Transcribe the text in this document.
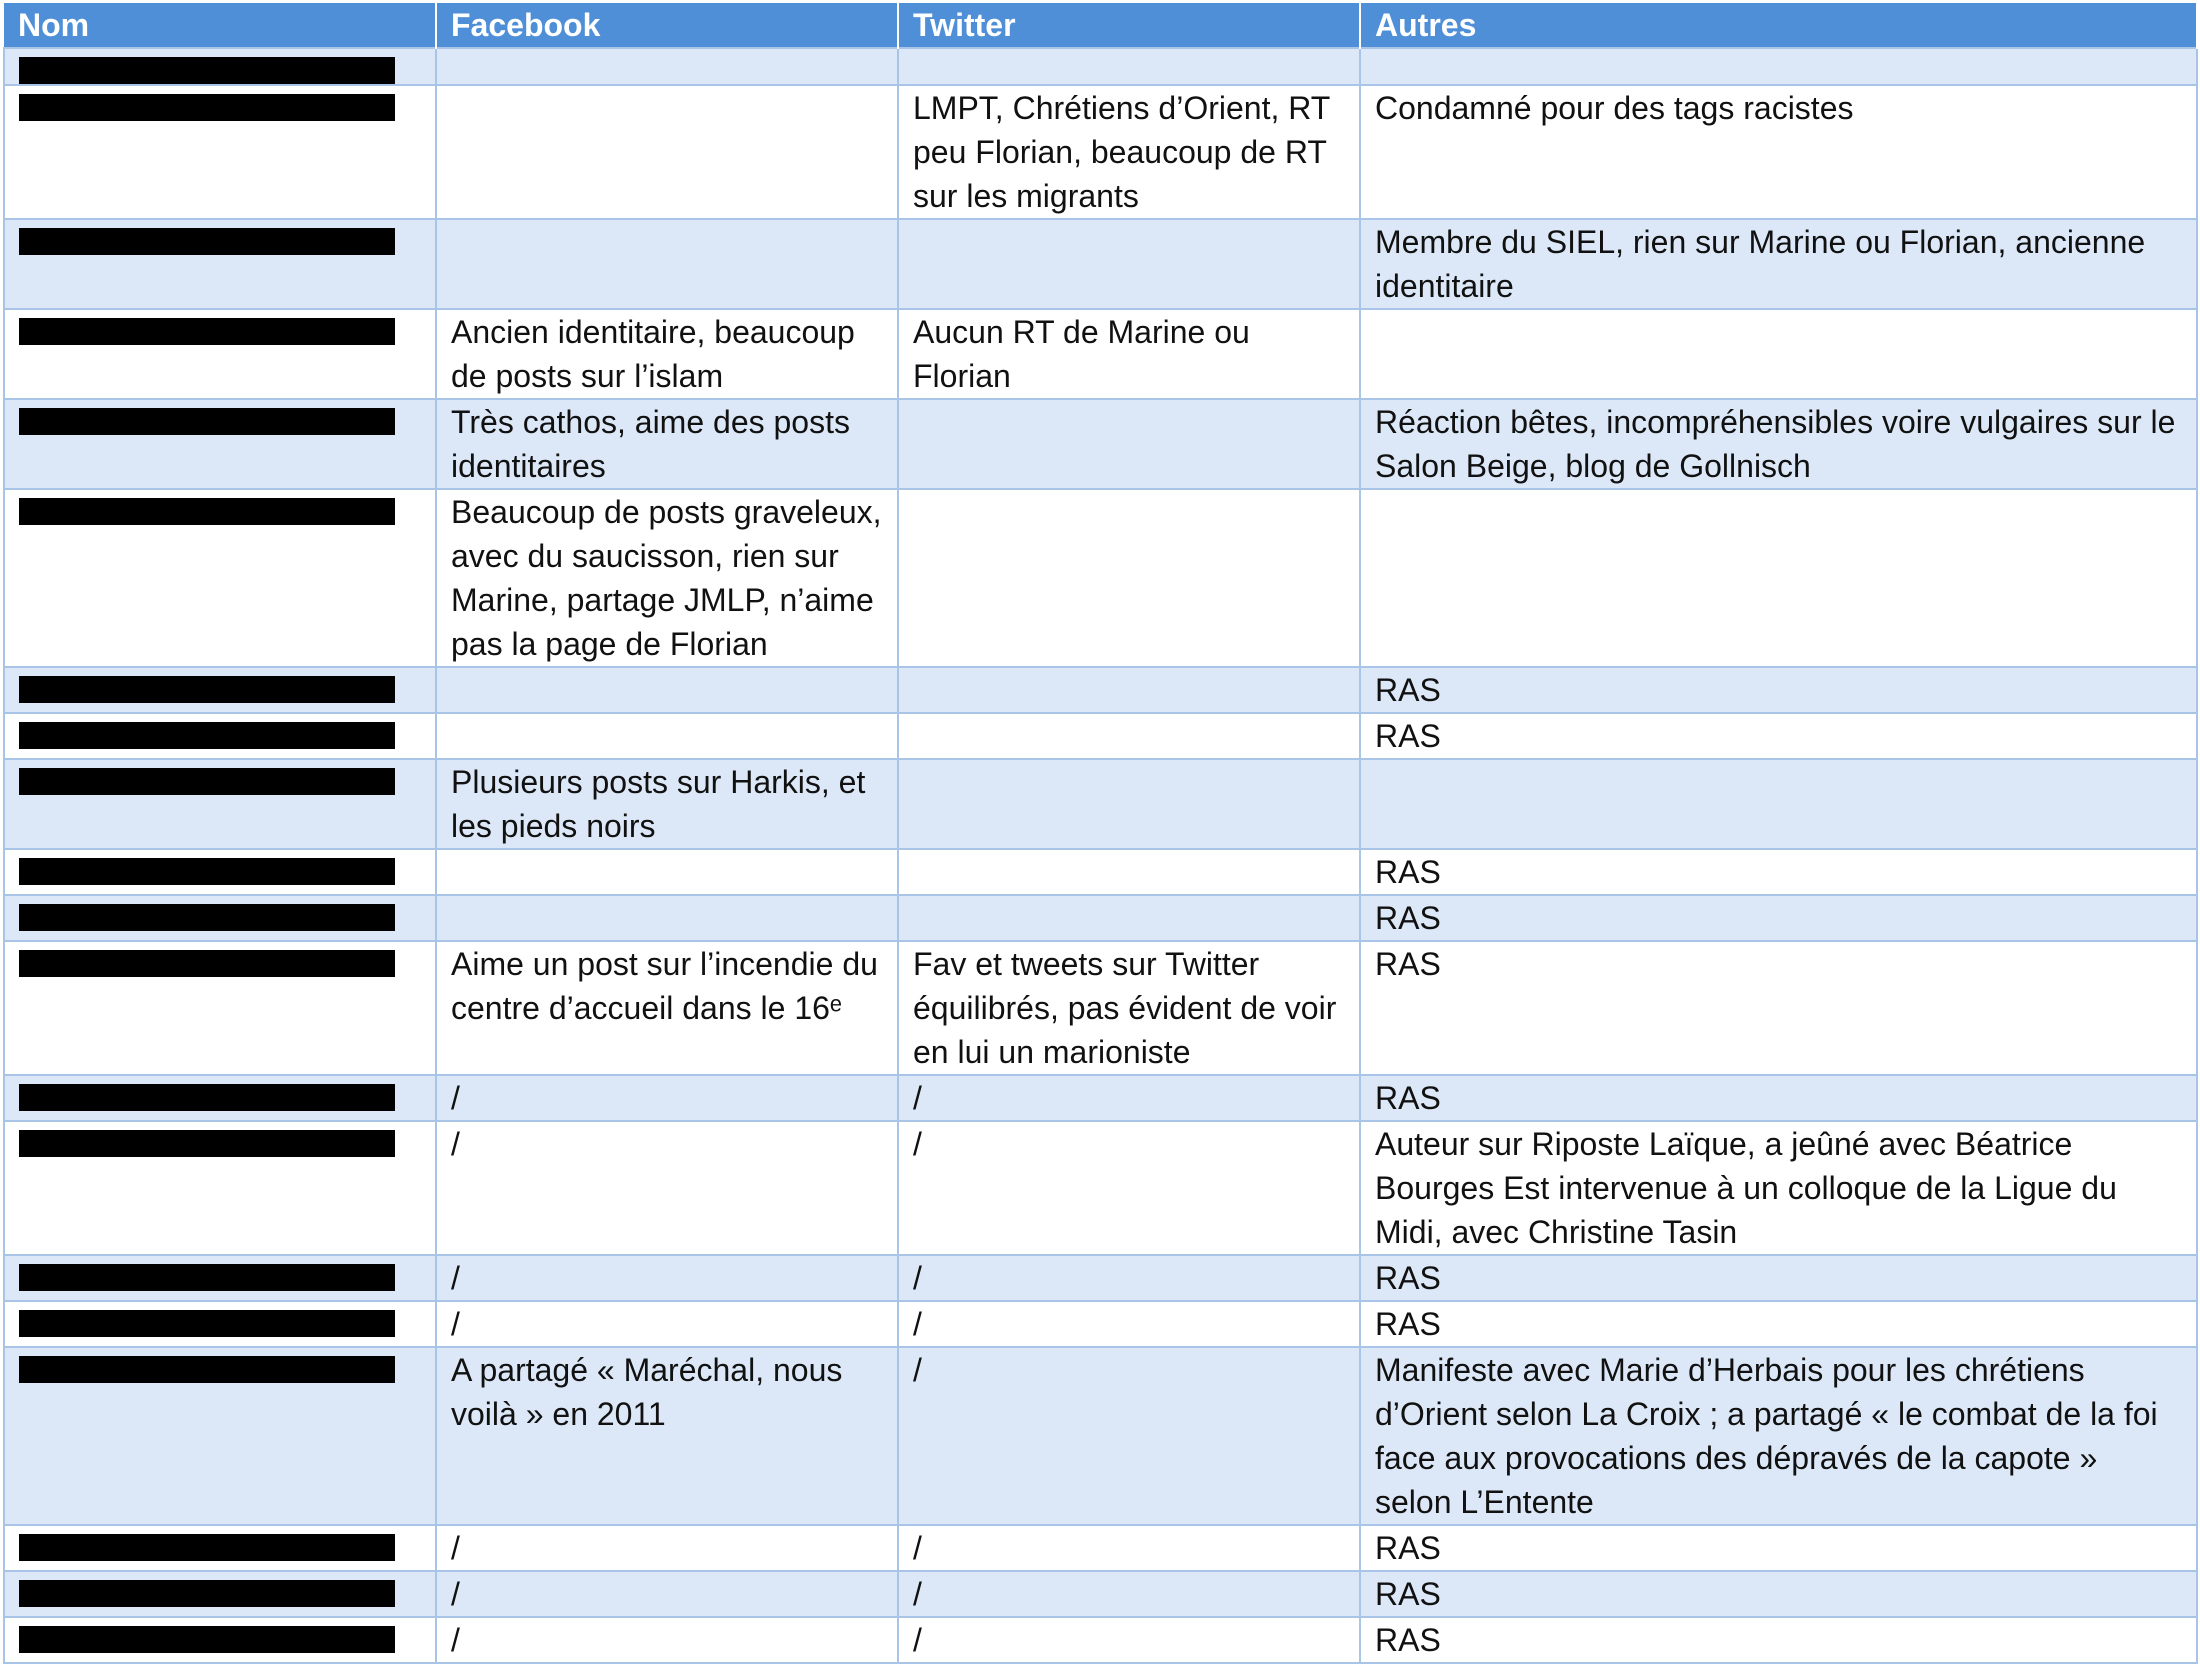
Nom	Facebook	Twitter	Autres

		LMPT, Chrétiens d’Orient, RT peu Florian, beaucoup de RT sur les migrants	Condamné pour des tags racistes

			Membre du SIEL, rien sur Marine ou Florian, ancienne identitaire

	Ancien identitaire, beaucoup de posts sur l’islam	Aucun RT de Marine ou Florian	

	Très cathos, aime des posts identitaires		Réaction bêtes, incompréhensibles voire vulgaires sur le Salon Beige, blog de Gollnisch

	Beaucoup de posts graveleux, avec du saucisson, rien sur Marine, partage JMLP, n’aime pas la page de Florian		

			RAS

			RAS

	Plusieurs posts sur Harkis, et les pieds noirs		

			RAS

			RAS

	Aime un post sur l’incendie du centre d’accueil dans le 16ᵉ	Fav et tweets sur Twitter équilibrés, pas évident de voir en lui un marioniste	RAS

	/	/	RAS

	/	/	Auteur sur Riposte Laïque, a jeûné avec Béatrice Bourges Est intervenue à un colloque de la Ligue du Midi, avec Christine Tasin

	/	/	RAS

	/	/	RAS

	A partagé « Maréchal, nous voilà » en 2011	/	Manifeste avec Marie d’Herbais pour les chrétiens d’Orient selon La Croix ; a partagé « le combat de la foi face aux provocations des dépravés de la capote » selon L’Entente

	/	/	RAS

	/	/	RAS

	/	/	RAS
